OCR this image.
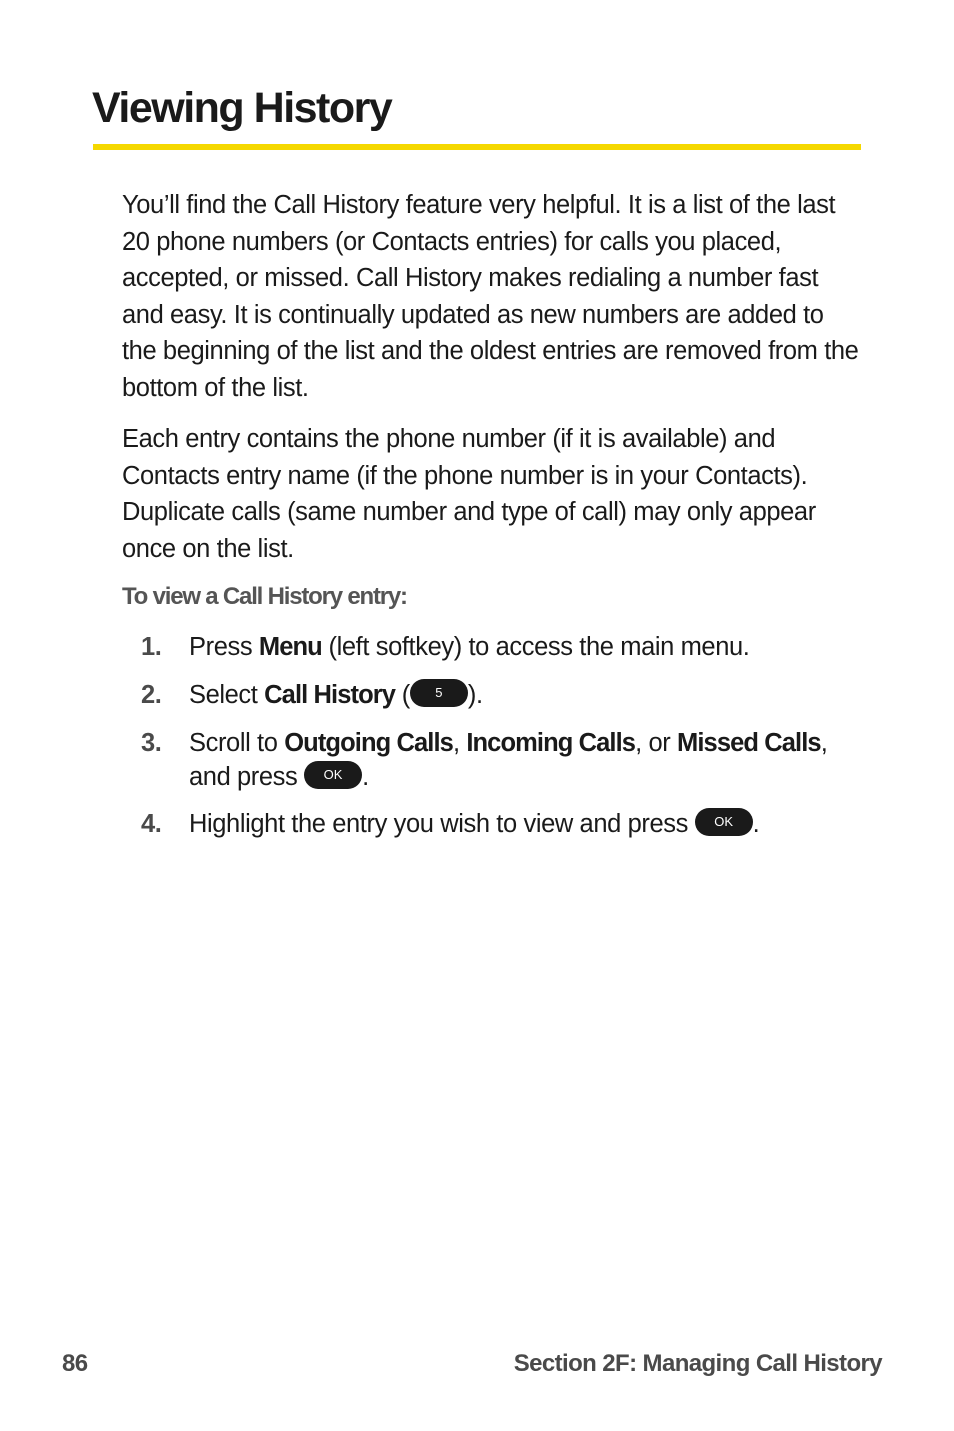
Viewing History

You’ll find the Call History feature very helpful. It is a list of the last 20 phone numbers (or Contacts entries) for calls you placed, accepted, or missed. Call History makes redialing a number fast and easy. It is continually updated as new numbers are added to the beginning of the list and the oldest entries are removed from the bottom of the list.

Each entry contains the phone number (if it is available) and Contacts entry name (if the phone number is in your Contacts). Duplicate calls (same number and type of call) may only appear once on the list.

To view a Call History entry:

1. Press Menu (left softkey) to access the main menu.
2. Select Call History ( 5 ).
3. Scroll to Outgoing Calls, Incoming Calls, or Missed Calls,
and press OK .
4. Highlight the entry you wish to view and press OK .

86	Section 2F: Managing Call History
